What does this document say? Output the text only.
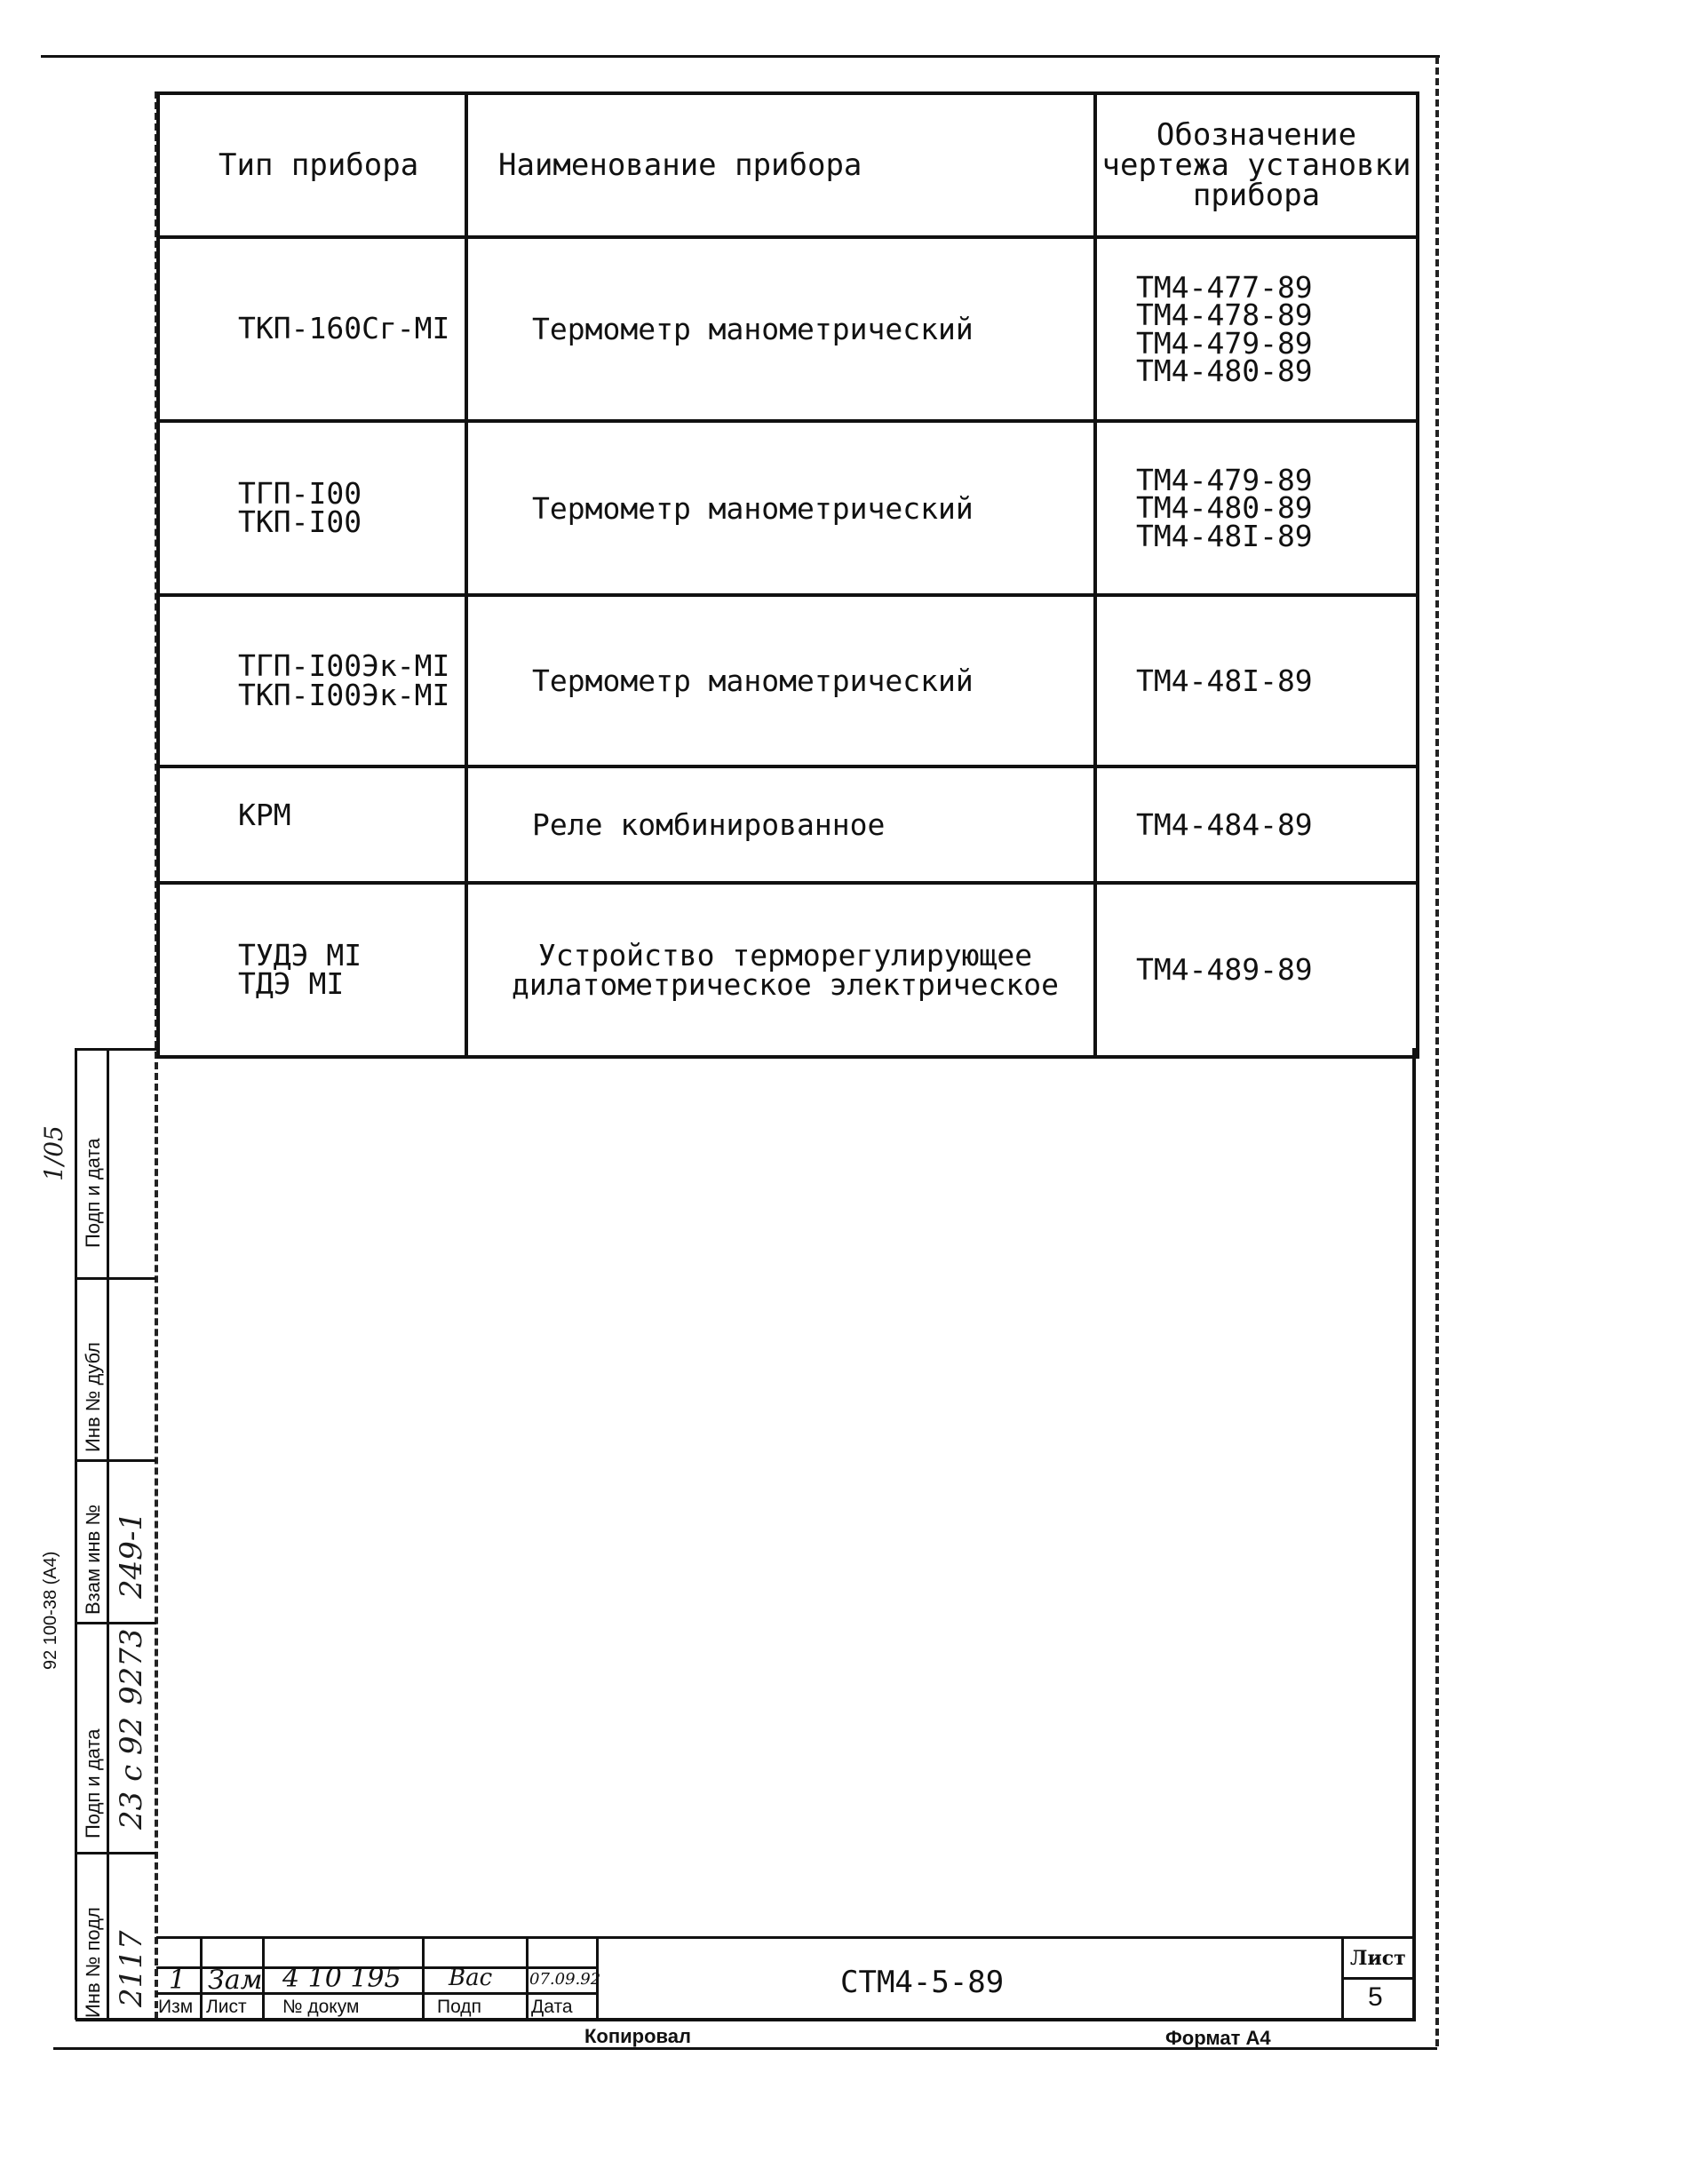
Тип прибора	Наименование прибора	Обозначение
чертежа установки
прибора

ТКП-160Сг-МI	Термометр манометрический	ТМ4-477-89
ТМ4-478-89
ТМ4-479-89
ТМ4-480-89

ТГП-I00
ТКП-I00	Термометр манометрический	ТМ4-479-89
ТМ4-480-89
ТМ4-48I-89

ТГП-I00Эк-МI
ТКП-I00Эк-МI	Термометр манометрический	ТМ4-48I-89
КРМ	Реле комбинированное	ТМ4-484-89

ТУДЭ МI
ТДЭ МI	Устройство терморегулирующее
дилатометрическое электрическое	ТМ4-489-89
Инв № подл
Подп и дата
Взам инв №
Инв № дубл
Подп и дата
2117
23 с 92
249-1
9273
1/05
92 100-38 (А4)
1 Зам 4 10 195 Вас 07.09.92
Изм Лист № докум	Подп	Дата
СТМ4-5-89
Лист
5
Копировал	Формат А4
